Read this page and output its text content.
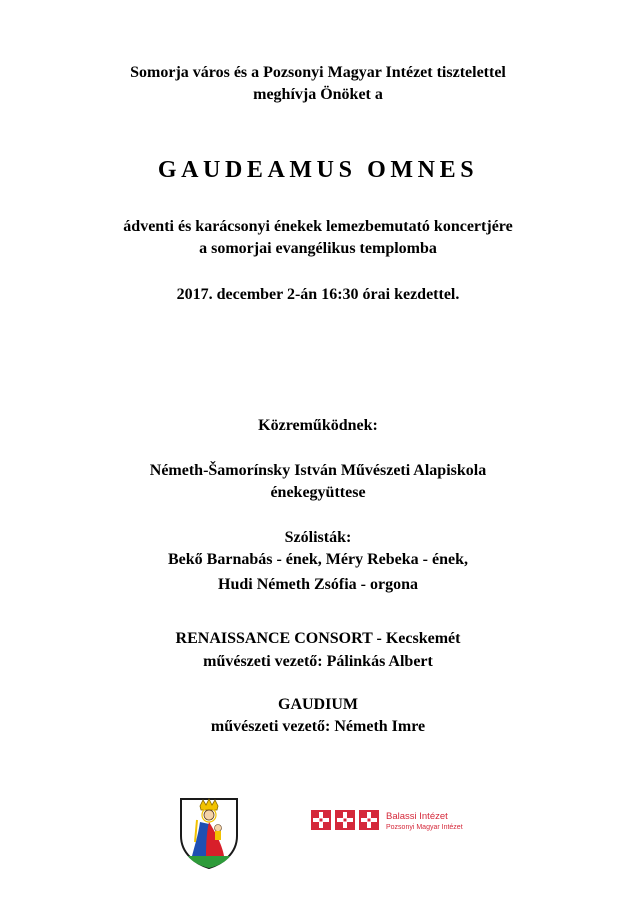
Somorja város és a Pozsonyi Magyar Intézet tisztelettel
meghívja Önöket a
GAUDEAMUS OMNES
ádventi és karácsonyi énekek lemezbemutató koncertjére
a somorjai evangélikus templomba
2017. december 2-án 16:30 órai kezdettel.
Közreműködnek:
Németh-Šamorínsky István Művészeti Alapiskola
énekegyüttese
Szólisták:
Bekő Barnabás - ének, Méry Rebeka - ének,
Hudi Németh Zsófia - orgona
RENAISSANCE CONSORT - Kecskemét
művészeti vezető: Pálinkás Albert
GAUDIUM
művészeti vezető: Németh Imre
Balassi Intézet
Pozsonyi Magyar Intézet
